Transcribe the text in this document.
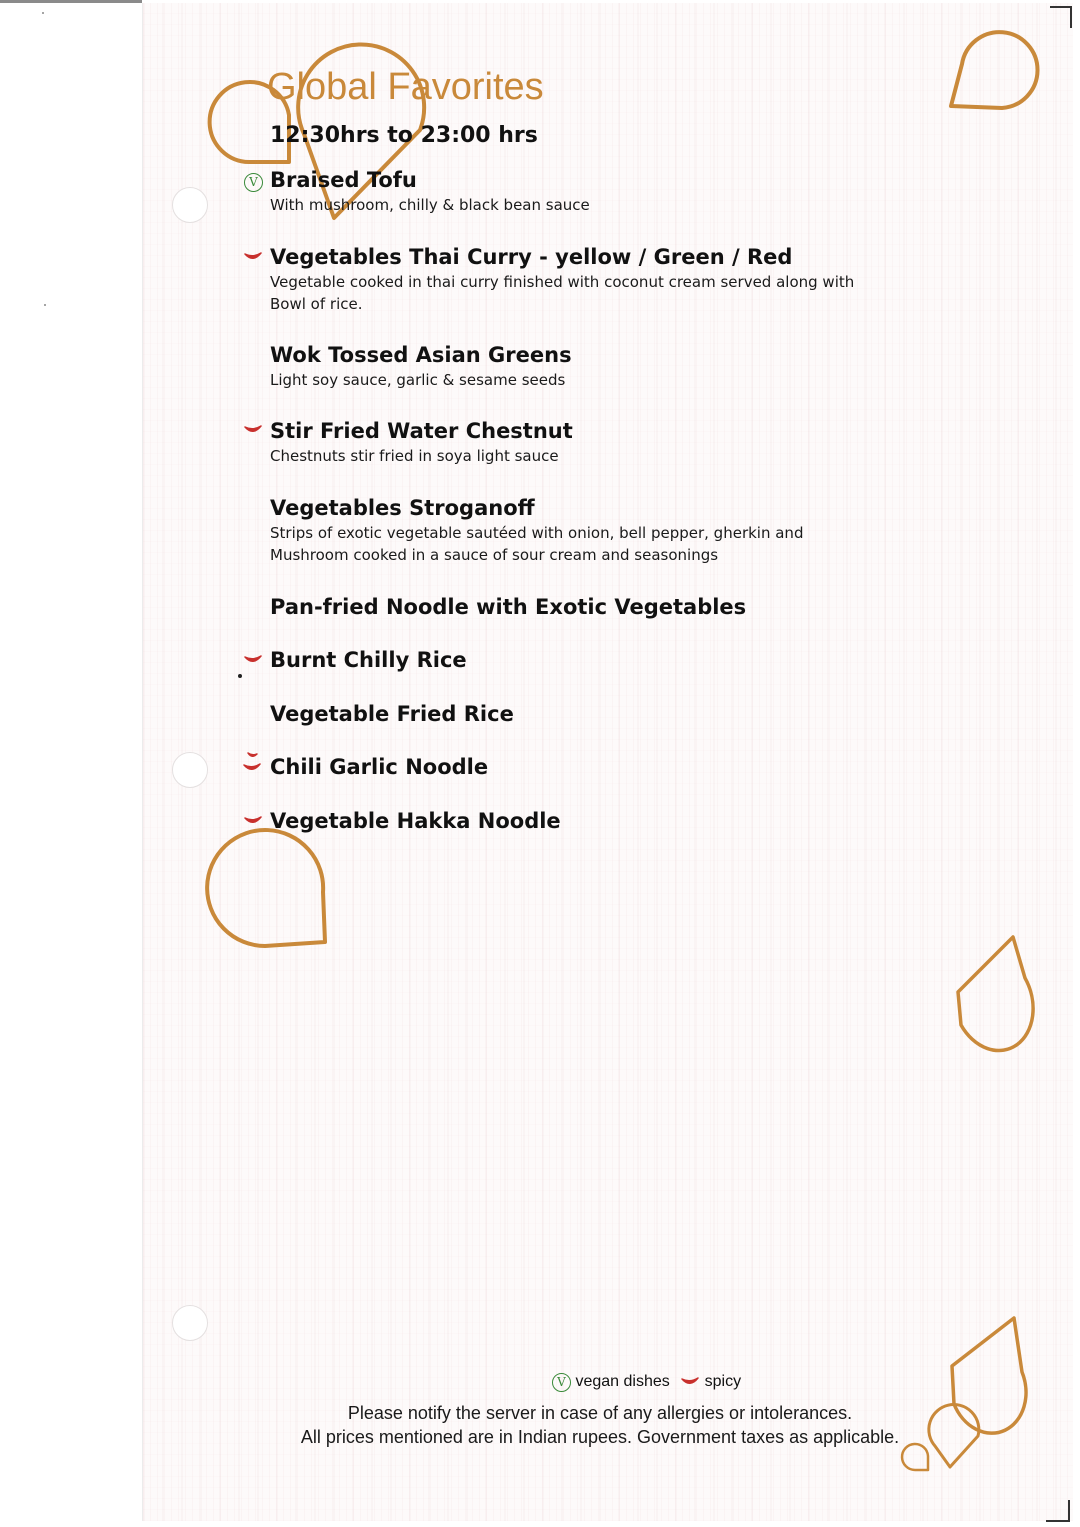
Global Favorites
12:30hrs to 23:00 hrs
V Braised Tofu
With mushroom, chilly & black bean sauce
Vegetables Thai Curry - yellow / Green / Red
Vegetable cooked in thai curry finished with coconut cream served along with
Bowl of rice.
Wok Tossed Asian Greens
Light soy sauce, garlic & sesame seeds
Stir Fried Water Chestnut
Chestnuts stir fried in soya light sauce
Vegetables Stroganoff
Strips of exotic vegetable sautéed with onion, bell pepper, gherkin and
Mushroom cooked in a sauce of sour cream and seasonings
Pan-fried Noodle with Exotic Vegetables
Burnt Chilly Rice
Vegetable Fried Rice
Chili Garlic Noodle
Vegetable Hakka Noodle
V vegan dishes spicy
Please notify the server in case of any allergies or intolerances.
All prices mentioned are in Indian rupees. Government taxes as applicable.
